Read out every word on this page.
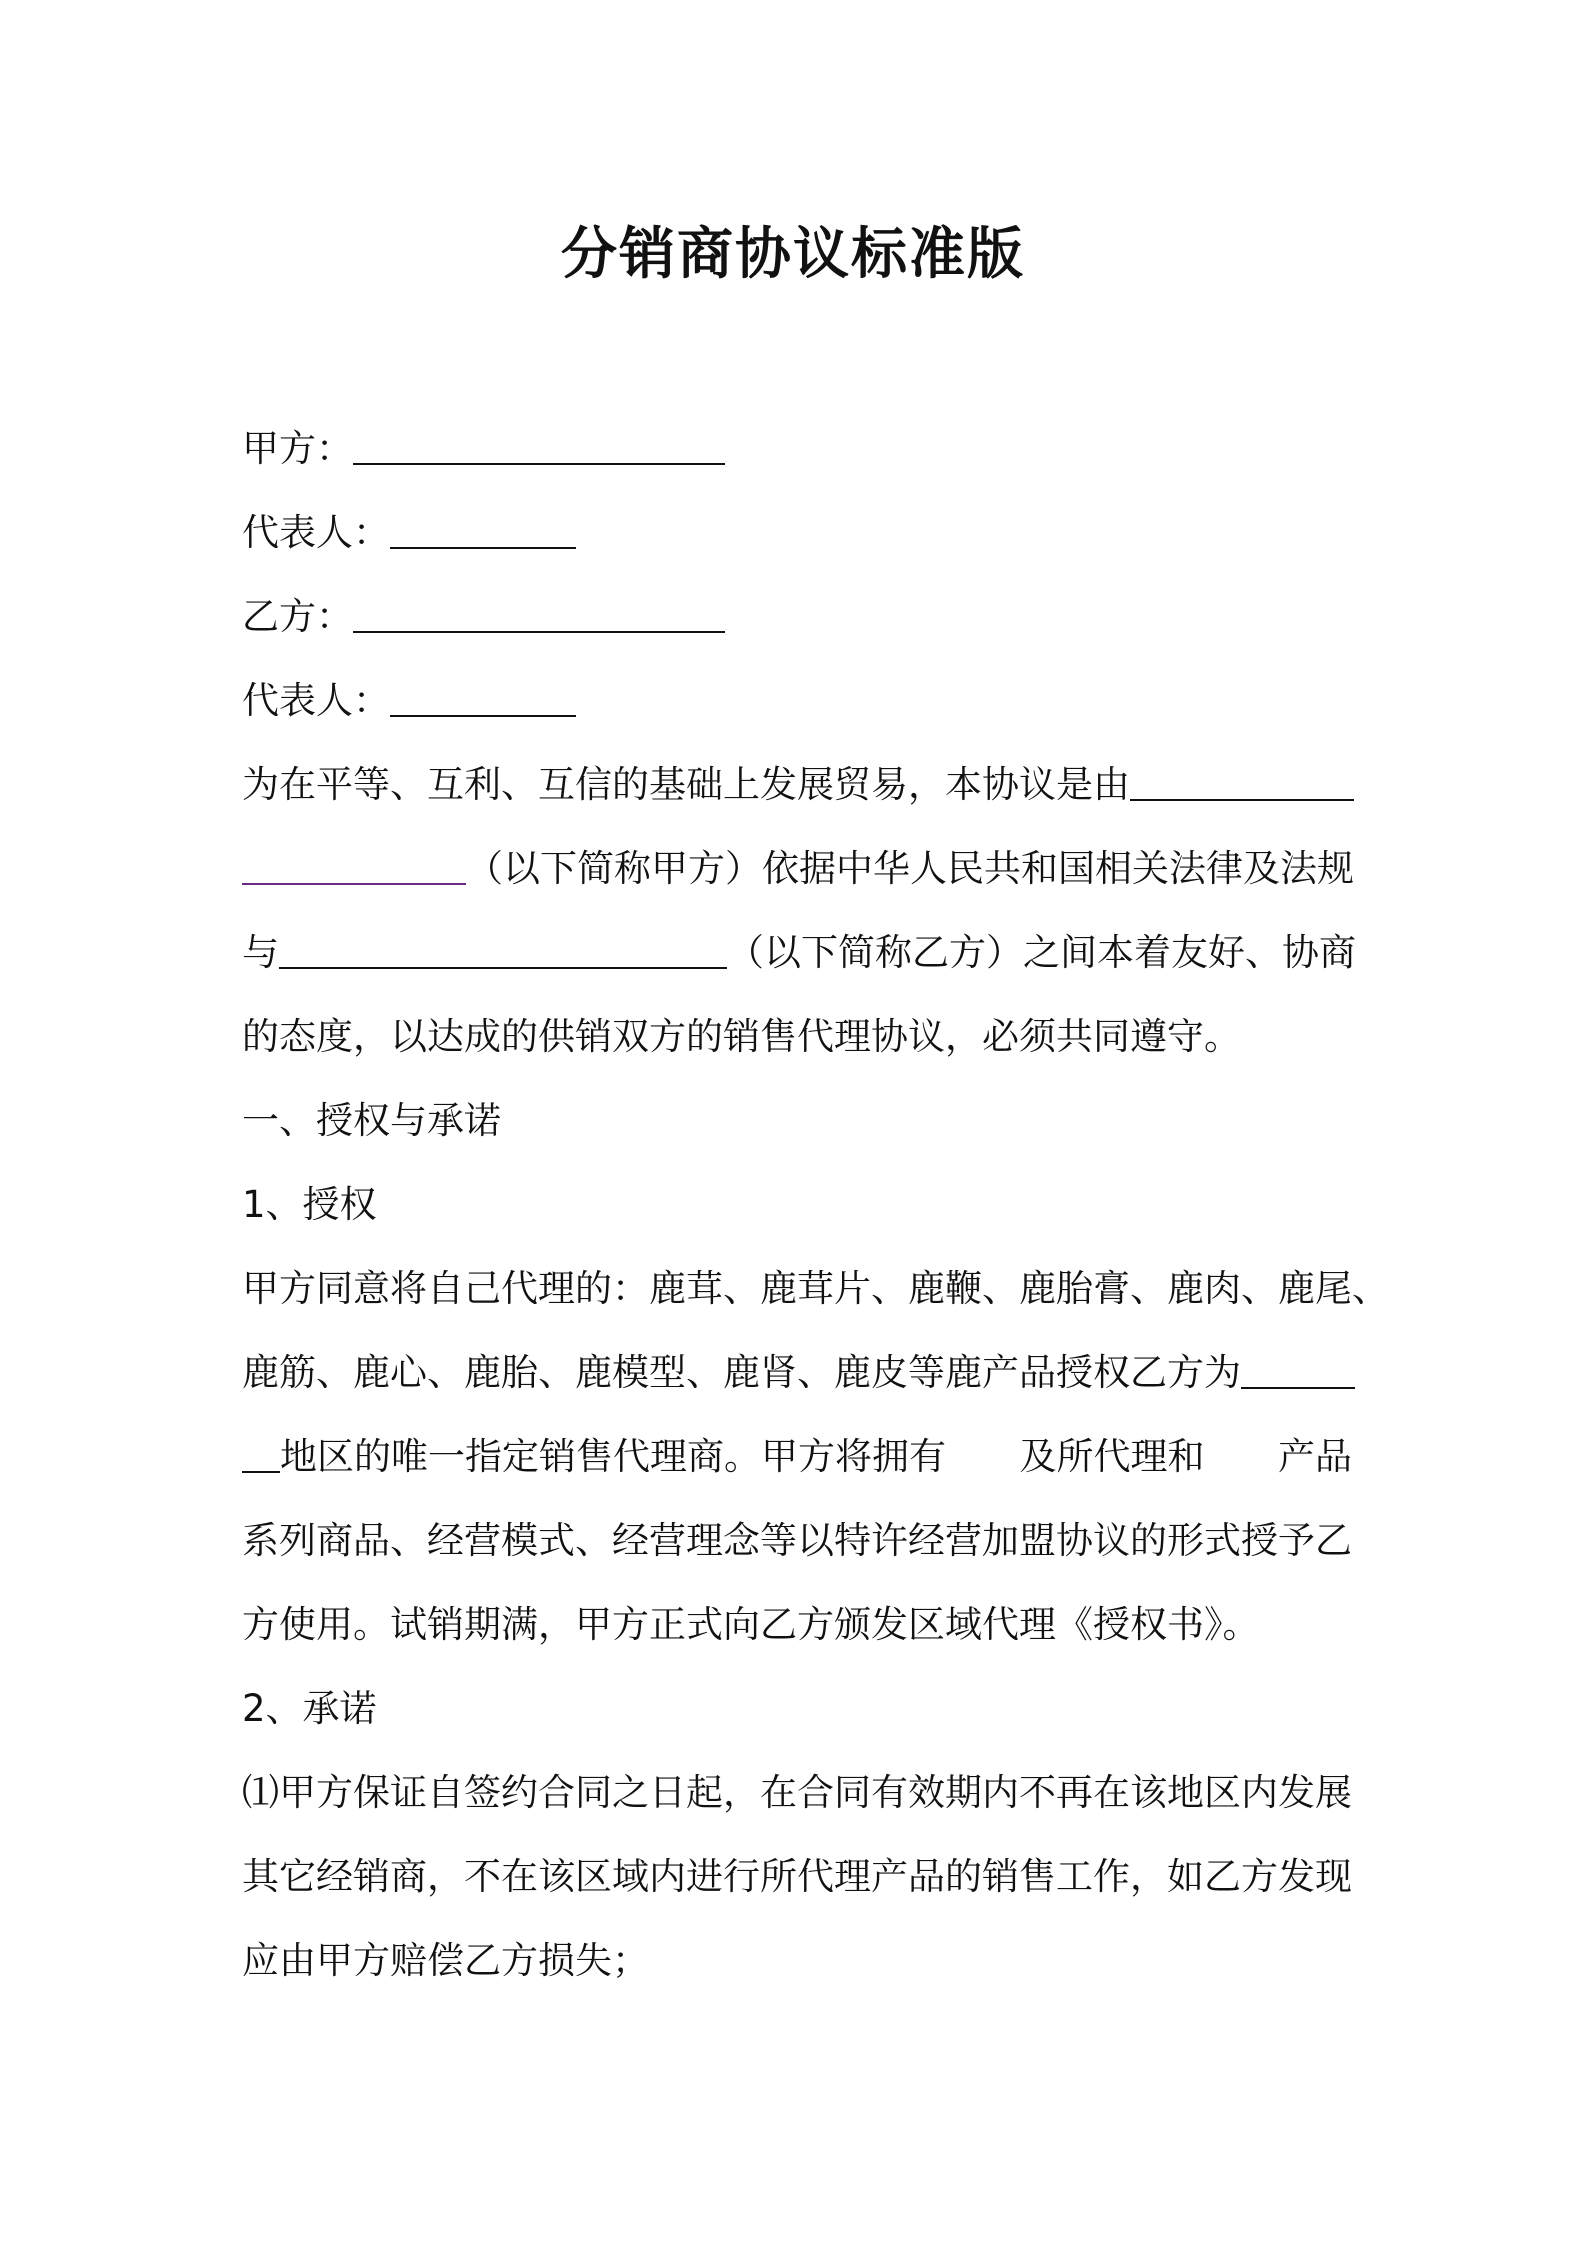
分销商协议标准版
甲方：
代表人：
乙方：
代表人：
为在平等、互利、互信的基础上发展贸易，本协议是由
（以下简称甲方）依据中华人民共和国相关法律及法规
与	（以下简称乙方）之间本着友好、协商
的态度，以达成的供销双方的销售代理协议，必须共同遵守。
一、授权与承诺
1、授权
甲方同意将自己代理的：鹿茸、鹿茸片、鹿鞭、鹿胎膏、鹿肉、鹿尾、
鹿筋、鹿心、鹿胎、鹿模型、鹿肾、鹿皮等鹿产品授权乙方为
地区的唯一指定销售代理商。甲方将拥有 及所代理和 产品
系列商品、经营模式、经营理念等以特许经营加盟协议的形式授予乙
方使用。试销期满，甲方正式向乙方颁发区域代理《授权书》。
2、承诺
⑴甲方保证自签约合同之日起，在合同有效期内不再在该地区内发展
其它经销商，不在该区域内进行所代理产品的销售工作，如乙方发现
应由甲方赔偿乙方损失；
